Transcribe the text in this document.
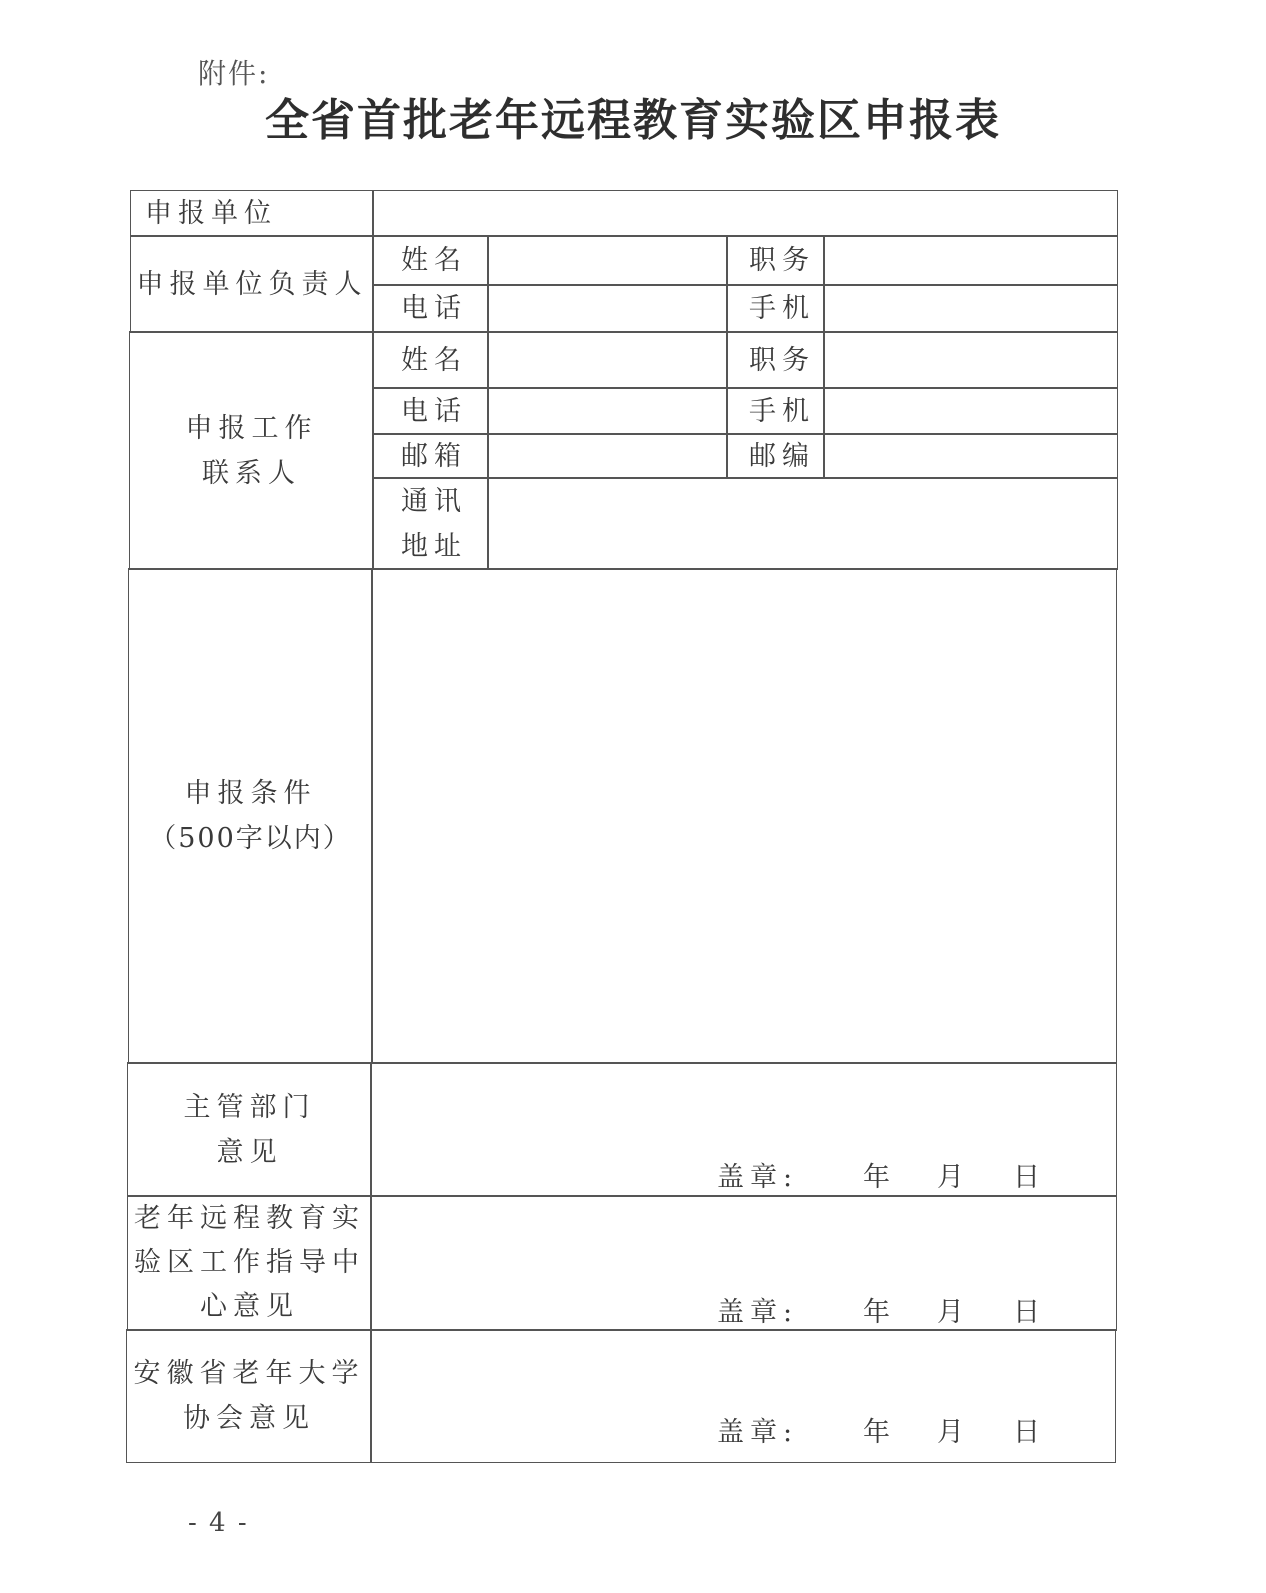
附件:
全省首批老年远程教育实验区申报表
申报单位
申报单位负责人
姓名	职务
电话	手机
申报工作
联系人
姓名	职务
电话	手机
邮箱	邮编
通讯
地址
申报条件
（500字以内）
主管部门
意见
盖章: 年 月 日
老年远程教育实
验区工作指导中
心意见	盖章: 年 月 日
安徽省老年大学
协会意见	盖章: 年 月 日
- 4 -
